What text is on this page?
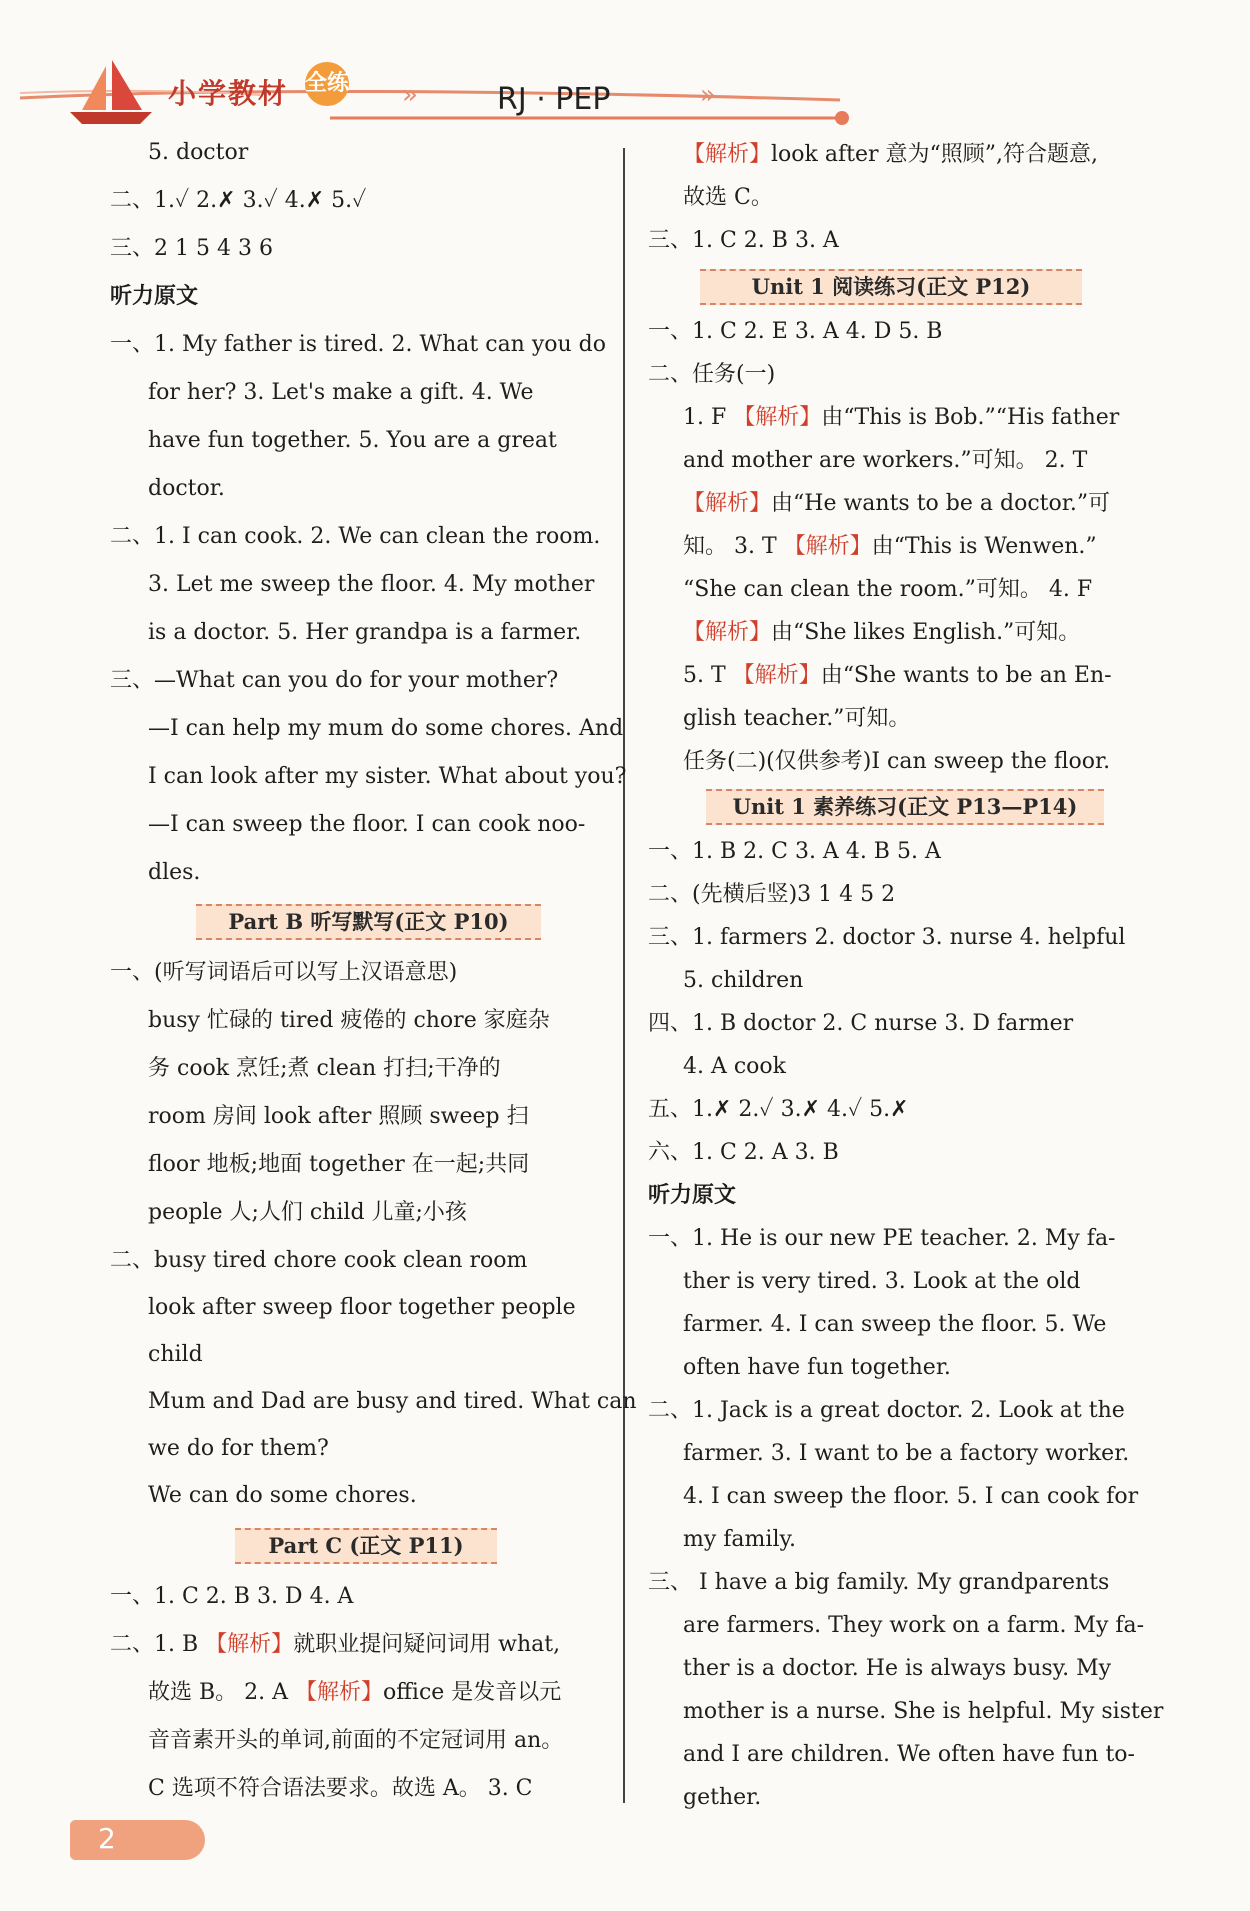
小学教材 全练 »	RJ · PEP	»
5. doctor
二、1.✓ 2.✗ 3.✓ 4.✗ 5.✓
三、2 1 5 4 3 6
听力原文
一、1. My father is tired. 2. What can you do
for her? 3. Let's make a gift. 4. We
have fun together. 5. You are a great
doctor.
二、1. I can cook. 2. We can clean the room.
3. Let me sweep the floor. 4. My mother
is a doctor. 5. Her grandpa is a farmer.
三、—What can you do for your mother?
—I can help my mum do some chores. And
I can look after my sister. What about you?
—I can sweep the floor. I can cook noo-
dles.
Part B 听写默写(正文 P10)
一、(听写词语后可以写上汉语意思)
busy 忙碌的 tired 疲倦的 chore 家庭杂
务 cook 烹饪;煮 clean 打扫;干净的
room 房间 look after 照顾 sweep 扫
floor 地板;地面 together 在一起;共同
people 人;人们 child 儿童;小孩
二、busy tired chore cook clean room
look after sweep floor together people
child
Mum and Dad are busy and tired. What can
we do for them?
We can do some chores.
Part C (正文 P11)
一、1. C 2. B 3. D 4. A
二、1. B 【解析】就职业提问疑问词用 what,
故选 B。 2. A 【解析】office 是发音以元
音音素开头的单词,前面的不定冠词用 an。
C 选项不符合语法要求。故选 A。 3. C
【解析】look after 意为“照顾”,符合题意,
故选 C。
三、1. C 2. B 3. A
Unit 1 阅读练习(正文 P12)
一、1. C 2. E 3. A 4. D 5. B
二、任务(一)
1. F 【解析】由“This is Bob.”“His father
and mother are workers.”可知。 2. T
【解析】由“He wants to be a doctor.”可
知。 3. T 【解析】由“This is Wenwen.”
“She can clean the room.”可知。 4. F
【解析】由“She likes English.”可知。
5. T 【解析】由“She wants to be an En-
glish teacher.”可知。
任务(二)(仅供参考)I can sweep the floor.
Unit 1 素养练习(正文 P13—P14)
一、1. B 2. C 3. A 4. B 5. A
二、(先横后竖)3 1 4 5 2
三、1. farmers 2. doctor 3. nurse 4. helpful
5. children
四、1. B doctor 2. C nurse 3. D farmer
4. A cook
五、1.✗ 2.✓ 3.✗ 4.✓ 5.✗
六、1. C 2. A 3. B
听力原文
一、1. He is our new PE teacher. 2. My fa-
ther is very tired. 3. Look at the old
farmer. 4. I can sweep the floor. 5. We
often have fun together.
二、1. Jack is a great doctor. 2. Look at the
farmer. 3. I want to be a factory worker.
4. I can sweep the floor. 5. I can cook for
my family.
三、 I have a big family. My grandparents
are farmers. They work on a farm. My fa-
ther is a doctor. He is always busy. My
mother is a nurse. She is helpful. My sister
and I are children. We often have fun to-
gether.
2
